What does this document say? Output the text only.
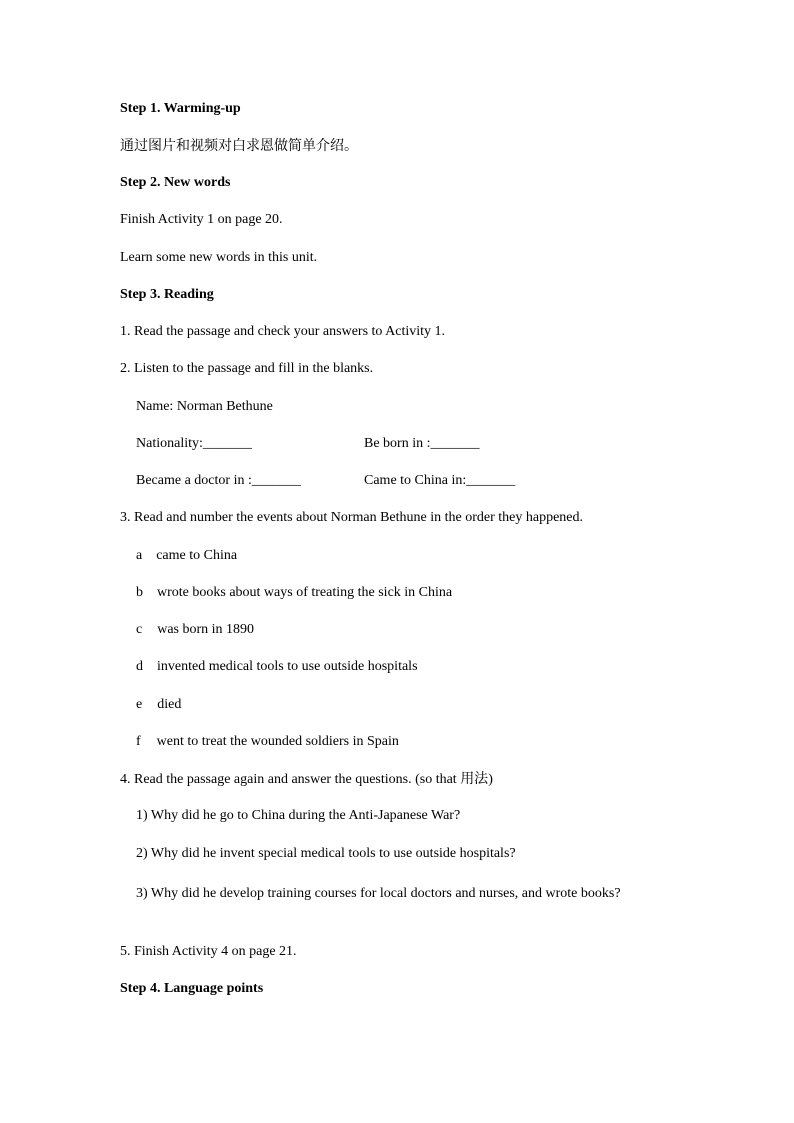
Step 1. Warming-up
通过图片和视频对白求恩做简单介绍。
Step 2. New words
Finish Activity 1 on page 20.
Learn some new words in this unit.
Step 3. Reading
1. Read the passage and check your answers to Activity 1.
2. Listen to the passage and fill in the blanks.
Name: Norman Bethune
Nationality:_______	Be born in :_______
Became a doctor in :_______	Came to China in:_______
3. Read and number the events about Norman Bethune in the order they happened.
a came to China
b wrote books about ways of treating the sick in China
c was born in 1890
d invented medical tools to use outside hospitals
e died
f went to treat the wounded soldiers in Spain
4. Read the passage again and answer the questions. (so that 用法)
1) Why did he go to China during the Anti-Japanese War?
2) Why did he invent special medical tools to use outside hospitals?
3) Why did he develop training courses for local doctors and nurses, and wrote books?
5. Finish Activity 4 on page 21.
Step 4. Language points
